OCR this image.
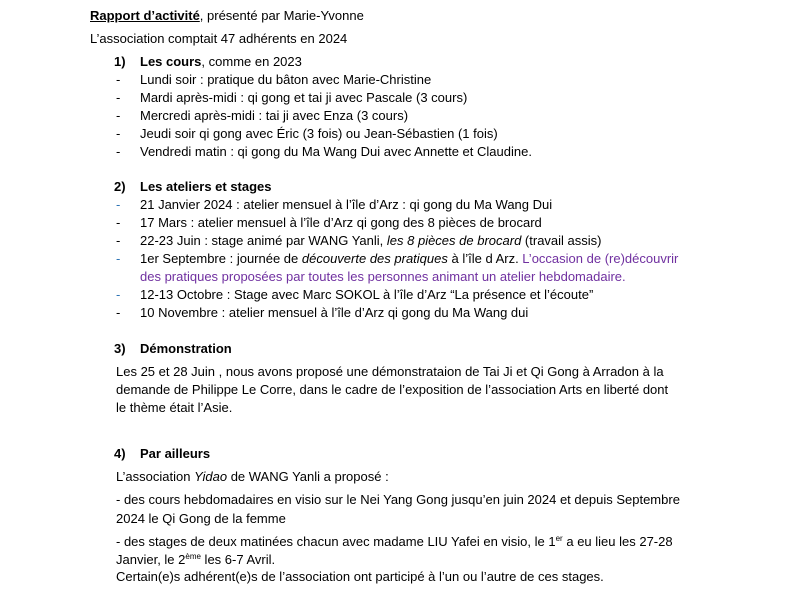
Rapport d’activité, présenté par Marie-Yvonne
L’association comptait 47 adhérents en 2024
1) Les cours, comme en 2023
- Lundi soir : pratique du bâton avec Marie-Christine
- Mardi après-midi : qi gong et tai ji avec Pascale (3 cours)
- Mercredi après-midi : tai ji avec Enza (3 cours)
- Jeudi soir qi gong avec Éric (3 fois) ou Jean-Sébastien (1 fois)
- Vendredi matin : qi gong du Ma Wang Dui avec Annette et Claudine.
2) Les ateliers et stages
- 21 Janvier 2024 : atelier mensuel à l’île d’Arz : qi gong du Ma Wang Dui
- 17 Mars : atelier mensuel à l’île d’Arz qi gong des 8 pièces de brocard
- 22-23 Juin : stage animé par WANG Yanli, les 8 pièces de brocard (travail assis)
- 1er Septembre : journée de découverte des pratiques à l’île d Arz. L’occasion de (re)découvrir
des pratiques proposées par toutes les personnes animant un atelier hebdomadaire.
- 12-13 Octobre : Stage avec Marc SOKOL à l’île d’Arz “La présence et l’écoute”
- 10 Novembre : atelier mensuel à l’île d’Arz qi gong du Ma Wang dui
3) Démonstration
Les 25 et 28 Juin , nous avons proposé une démonstrataion de Tai Ji et Qi Gong à Arradon à la
demande de Philippe Le Corre, dans le cadre de l’exposition de l’association Arts en liberté dont
le thème était l’Asie.
4) Par ailleurs
L’association Yidao de WANG Yanli a proposé :
- des cours hebdomadaires en visio sur le Nei Yang Gong jusqu’en juin 2024 et depuis Septembre
2024 le Qi Gong de la femme
- des stages de deux matinées chacun avec madame LIU Yafei en visio, le 1er a eu lieu les 27-28
Janvier, le 2ème les 6-7 Avril.
Certain(e)s adhérent(e)s de l’association ont participé à l’un ou l’autre de ces stages.
